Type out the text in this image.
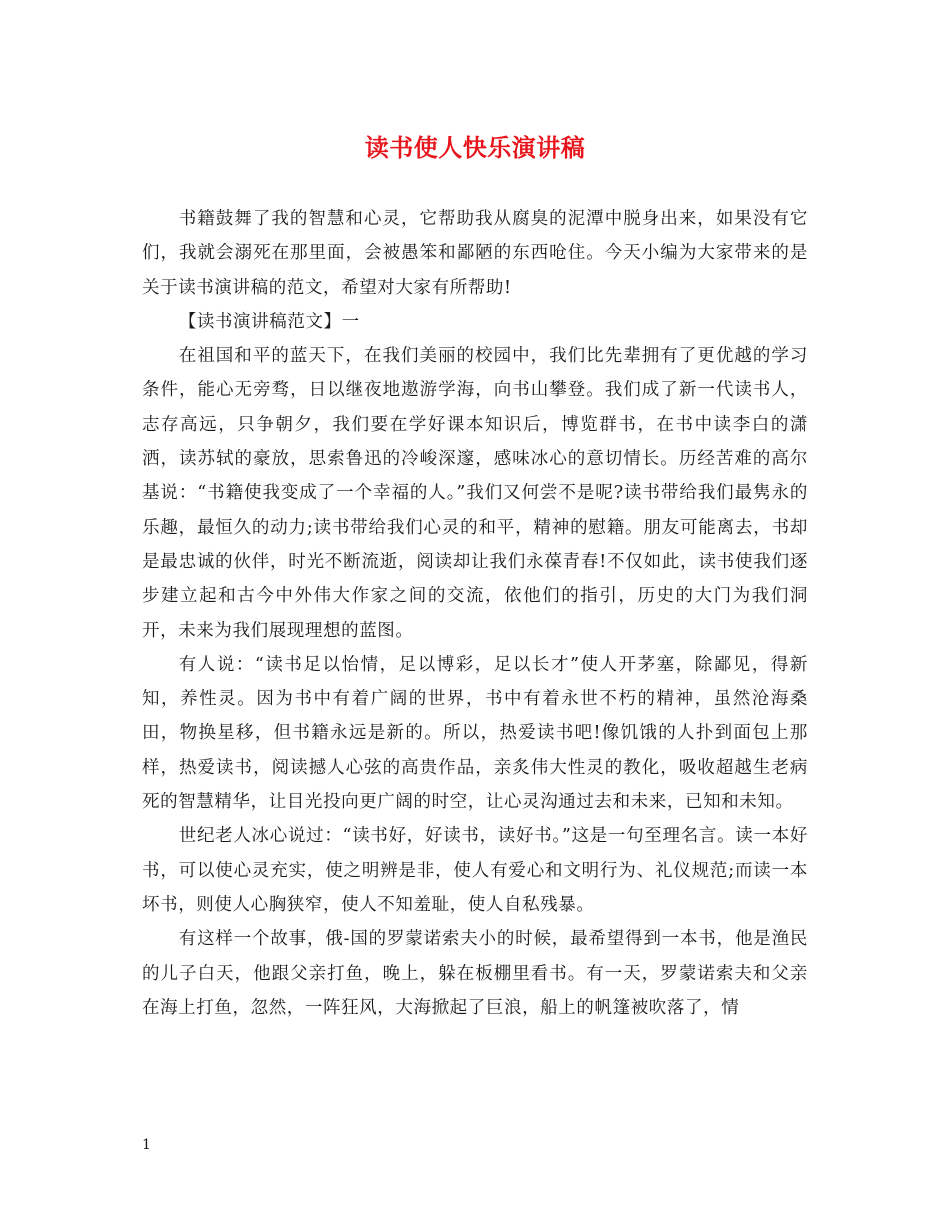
读书使人快乐演讲稿

书籍鼓舞了我的智慧和心灵，它帮助我从腐臭的泥潭中脱身出来，如果没有它们，我就会溺死在那里面，会被愚笨和鄙陋的东西呛住。今天小编为大家带来的是关于读书演讲稿的范文，希望对大家有所帮助!

【读书演讲稿范文】一

在祖国和平的蓝天下，在我们美丽的校园中，我们比先辈拥有了更优越的学习条件，能心无旁骛，日以继夜地遨游学海，向书山攀登。我们成了新一代读书人，志存高远，只争朝夕，我们要在学好课本知识后，博览群书，在书中读李白的潇洒，读苏轼的豪放，思索鲁迅的冷峻深邃，感味冰心的意切情长。历经苦难的高尔基说：“书籍使我变成了一个幸福的人。”我们又何尝不是呢?读书带给我们最隽永的乐趣，最恒久的动力;读书带给我们心灵的和平，精神的慰籍。朋友可能离去，书却是最忠诚的伙伴，时光不断流逝，阅读却让我们永葆青春!不仅如此，读书使我们逐步建立起和古今中外伟大作家之间的交流，依他们的指引，历史的大门为我们洞开，未来为我们展现理想的蓝图。

有人说：“读书足以怡情，足以博彩，足以长才”使人开茅塞，除鄙见，得新知，养性灵。因为书中有着广阔的世界，书中有着永世不朽的精神，虽然沧海桑田，物换星移，但书籍永远是新的。所以，热爱读书吧!像饥饿的人扑到面包上那样，热爱读书，阅读撼人心弦的高贵作品，亲炙伟大性灵的教化，吸收超越生老病死的智慧精华，让目光投向更广阔的时空，让心灵沟通过去和未来，已知和未知。

世纪老人冰心说过：“读书好，好读书，读好书。”这是一句至理名言。读一本好书，可以使心灵充实，使之明辨是非，使人有爱心和文明行为、礼仪规范;而读一本坏书，则使人心胸狭窄，使人不知羞耻，使人自私残暴。

有这样一个故事，俄-国的罗蒙诺索夫小的时候，最希望得到一本书，他是渔民的儿子白天，他跟父亲打鱼，晚上，躲在板棚里看书。有一天，罗蒙诺索夫和父亲在海上打鱼，忽然，一阵狂风，大海掀起了巨浪，船上的帆篷被吹落了，情

1
